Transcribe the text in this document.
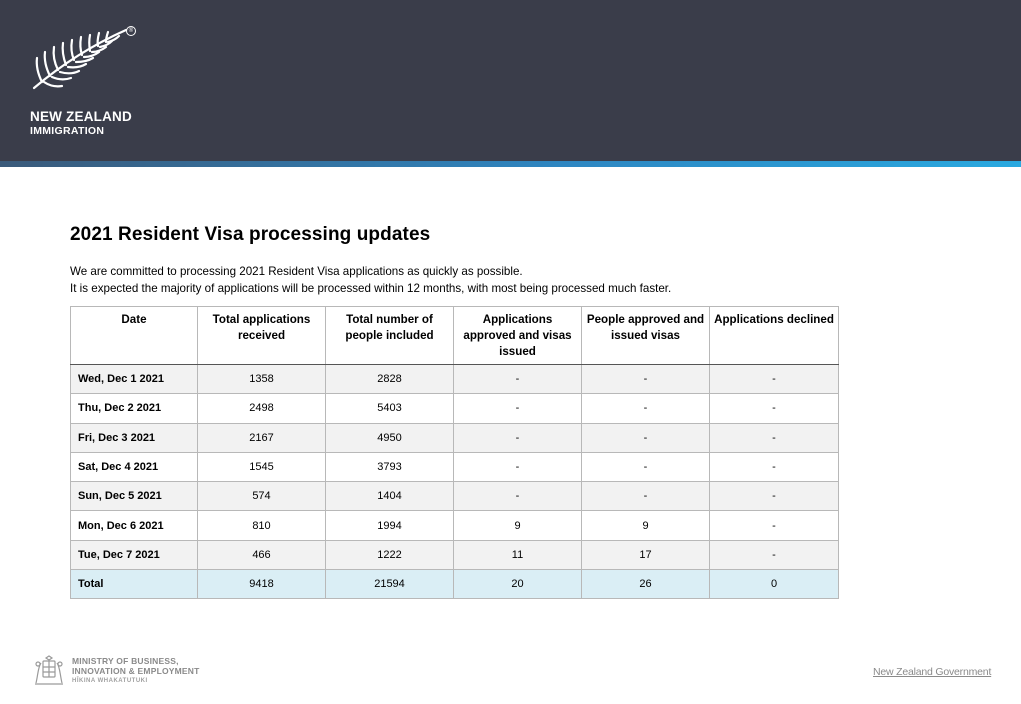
®
NEW ZEALAND
IMMIGRATION
2021 Resident Visa processing updates

We are committed to processing 2021 Resident Visa applications as quickly as possible.

It is expected the majority of applications will be processed within 12 months, with most being processed much faster.

Date	Total applications received	Total number of people included	Applications approved and visas issued	People approved and issued visas	Applications declined
Wed, Dec 1 2021	1358	2828	-	-	-
Thu, Dec 2 2021	2498	5403	-	-	-
Fri, Dec 3 2021	2167	4950	-	-	-
Sat, Dec 4 2021	1545	3793	-	-	-
Sun, Dec 5 2021	574	1404	-	-	-
Mon, Dec 6 2021	810	1994	9	9	-
Tue, Dec 7 2021	466	1222	11	17	-
Total	9418	21594	20	26	0
MINISTRY OF BUSINESS,
INNOVATION & EMPLOYMENT
HĪKINA WHAKATUTUKI
New Zealand Government
